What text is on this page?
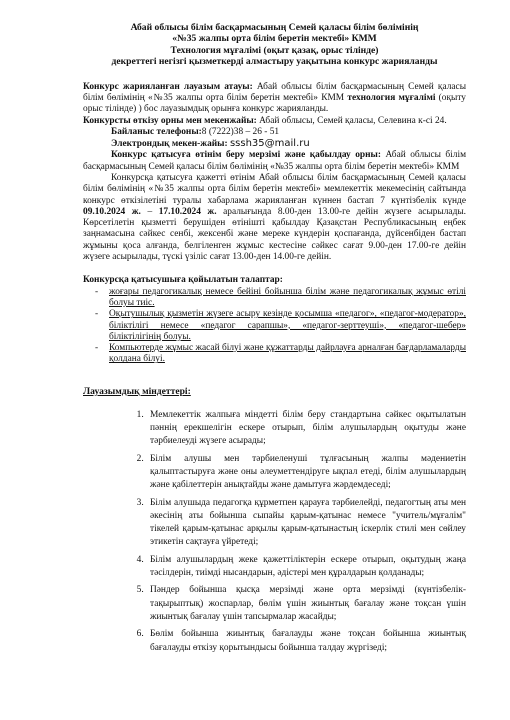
Абай облысы білім басқармасының Семей қаласы білім бөлімінің
«№35 жалпы орта білім беретін мектебі» КММ
Технология мұғалімі (оқыт қазақ, орыс тілінде)
декреттегі негізгі қызметкерді алмастыру уақытына конкурс жарияланды

Конкурс жарияланған лауазым атауы: Абай облысы білім басқармасының Семей қаласы білім бөлімінің «№35 жалпы орта білім беретін мектебі» КММ технология мұғалімі (оқыту орыс тілінде) ) бос лауазымдық орынға конкурс жарияланды.

Конкурсты өткізу орны мен мекенжайы: Абай облысы, Семей қаласы, Селевина к-сі 24.

Байланыс телефоны:8 (7222)38 – 26 - 51

Электрондық мекен-жайы: sssh35@mail.ru

Конкурс қатысуға өтінім беру мерзімі және қабылдау орны: Абай облысы білім басқармасының Семей қаласы білім бөлімінің «№35 жалпы орта білім беретін мектебі» КММ

Конкурсқа қатысуға қажетті өтінім Абай облысы білім басқармасының Семей қаласы білім бөлімінің «№35 жалпы орта білім беретін мектебі» мемлекеттік мекемесінің сайтында конкурс өткізілетіні туралы хабарлама жарияланған күннен бастап 7 күнтізбелік күнде 09.10.2024 ж. – 17.10.2024 ж. аралығында 8.00-ден 13.00-ге дейін жүзеге асырылады. Көрсетілетін қызметті берушіден өтінішті қабылдау Қазақстан Республикасының еңбек заңнамасына сәйкес сенбі, жексенбі және мереке күндерін қоспағанда, дүйсенбіден бастап жұмыны қоса алғанда, белгіленген жұмыс кестесіне сәйкес сағат 9.00-ден 17.00-ге дейін жүзеге асырылады, түскі үзіліс сағат 13.00-ден 14.00-ге дейін.

Конкурсқа қатысушыға қойылатын талаптар:

- жоғары педагогикалық немесе бейіні бойынша білім және педагогикалық жұмыс өтілі болуы тиіс.
- Оқытушылық қызметін жүзеге асыру кезінде қосымша «педагог», «педагог-модератор», біліктілігі немесе «педагог сарапшы», «педагог-зерттеуші», «педагог-шебер» біліктілігінің болуы.
- Компьютерде жұмыс жасай білуі және құжаттарды дайрлауға арналған бағдарламаларды қолдана білуі.
Лауазымдық міндеттері:
1. Мемлекеттік жалпыға міндетті білім беру стандартына сәйкес оқытылатын пәннің ерекшелігін ескере отырып, білім алушылардың оқытуды және тәрбиелеуді жүзеге асырады;
2. Білім алушы мен тәрбиеленуші тұлғасының жалпы мәдениетін қалыптастыруға және оны әлеуметтендіруге ықпал етеді, білім алушылардың және қабілеттерін анықтайды және дамытуға жәрдемдеседі;
3. Білім алушыда педагогқа құрметпен қарауға тәрбиелейді, педагогтың аты мен әкесінің аты бойынша сыпайы қарым-қатынас немесе "учитель/мұғалім" тікелей қарым-қатынас арқылы қарым-қатынастың іскерлік стилі мен сөйлеу этикетін сақтауға үйретеді;
4. Білім алушылардың жеке қажеттіліктерін ескере отырып, оқытудың жаңа тәсілдерін, тиімді нысандарын, әдістері мен құралдарын қолданады;
5. Пәндер бойынша қысқа мерзімді және орта мерзімді (күнтізбелік-тақырыптық) жоспарлар, бөлім үшін жиынтық бағалау және тоқсан үшін жиынтық бағалау үшін тапсырмалар жасайды;
6. Бөлім бойынша жиынтық бағалауды және тоқсан бойынша жиынтық бағалауды өткізу қорытындысы бойынша талдау жүргізеді;
